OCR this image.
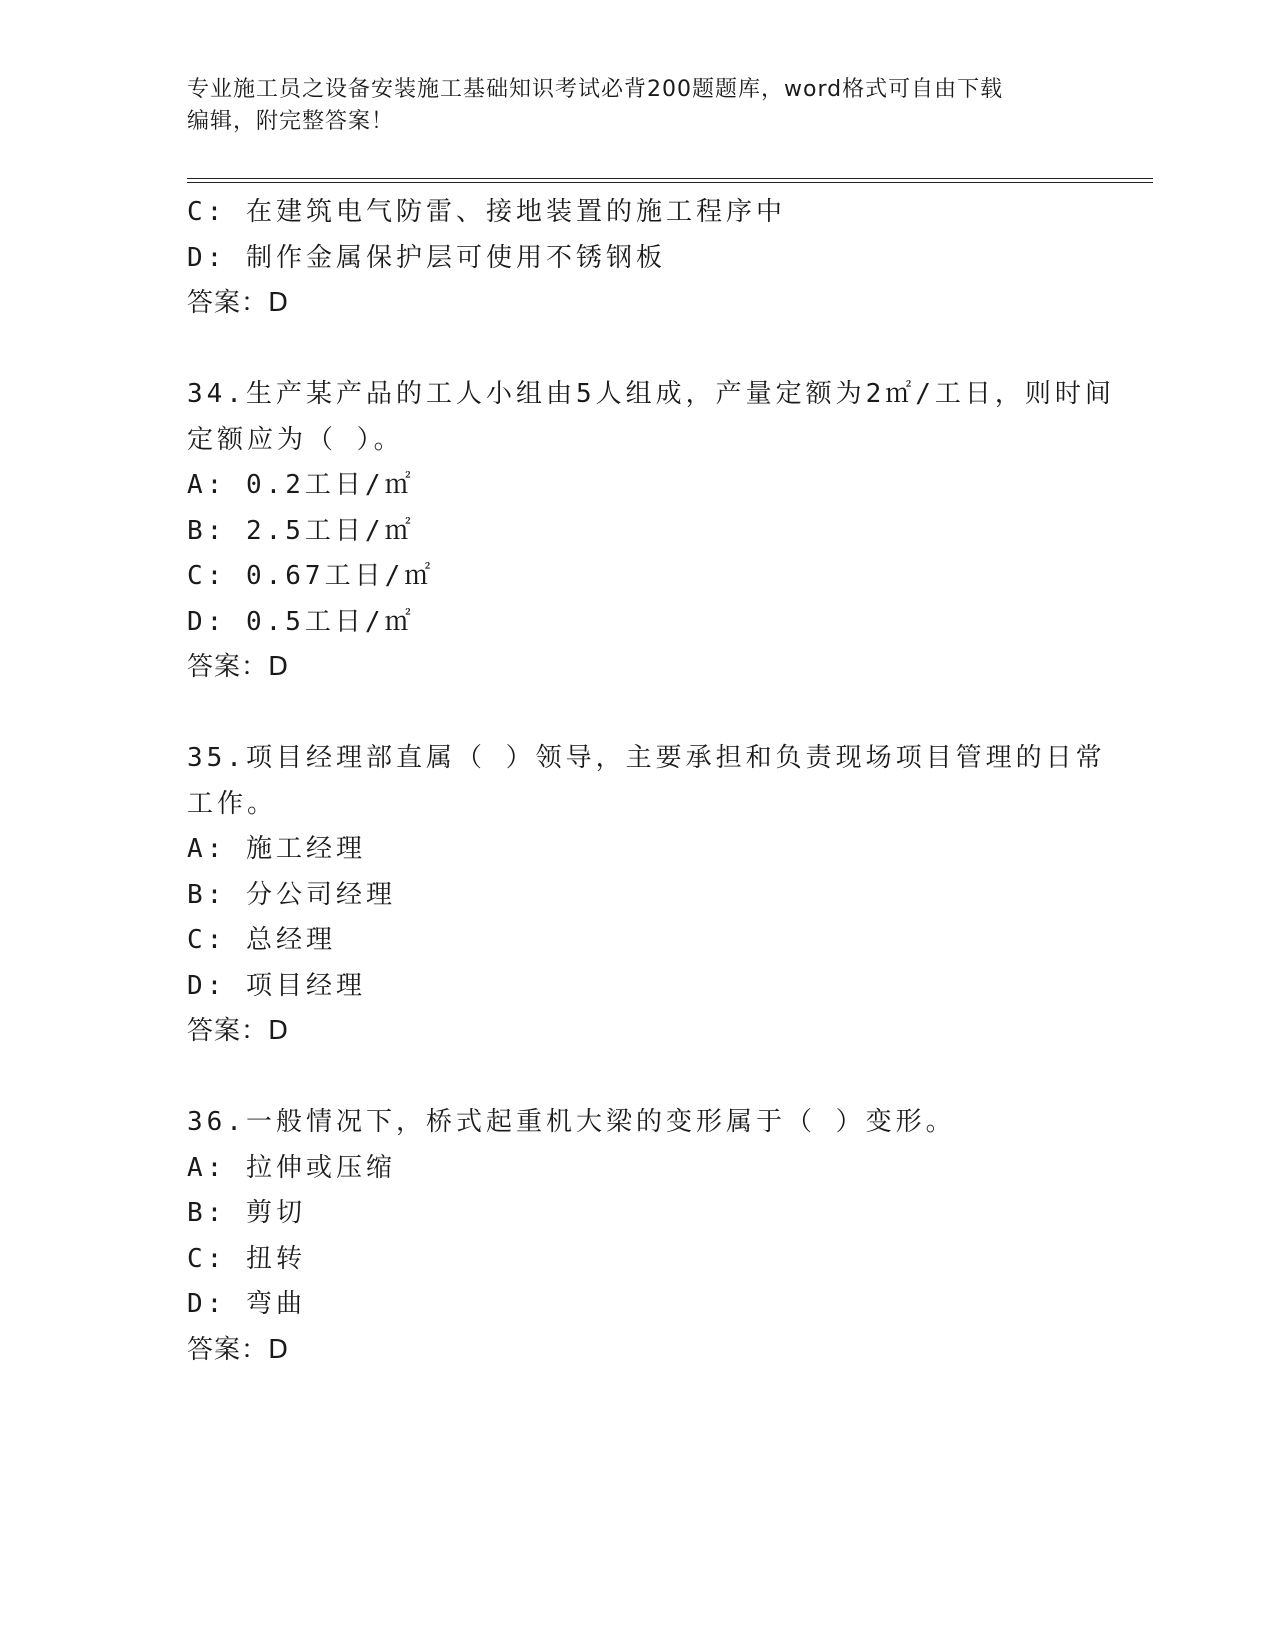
专业施工员之设备安装施工基础知识考试必背200题题库，word格式可自由下载
编辑，附完整答案！
C: 在建筑电气防雷、接地装置的施工程序中
D: 制作金属保护层可使用不锈钢板
答案：D
34.生产某产品的工人小组由5人组成，产量定额为2㎡/工日，则时间
定额应为（ ）。
A: 0.2工日/㎡
B: 2.5工日/㎡
C: 0.67工日/㎡
D: 0.5工日/㎡
答案：D
35.项目经理部直属（ ）领导，主要承担和负责现场项目管理的日常
工作。
A: 施工经理
B: 分公司经理
C: 总经理
D: 项目经理
答案：D
36.一般情况下，桥式起重机大梁的变形属于（ ）变形。
A: 拉伸或压缩
B: 剪切
C: 扭转
D: 弯曲
答案：D
